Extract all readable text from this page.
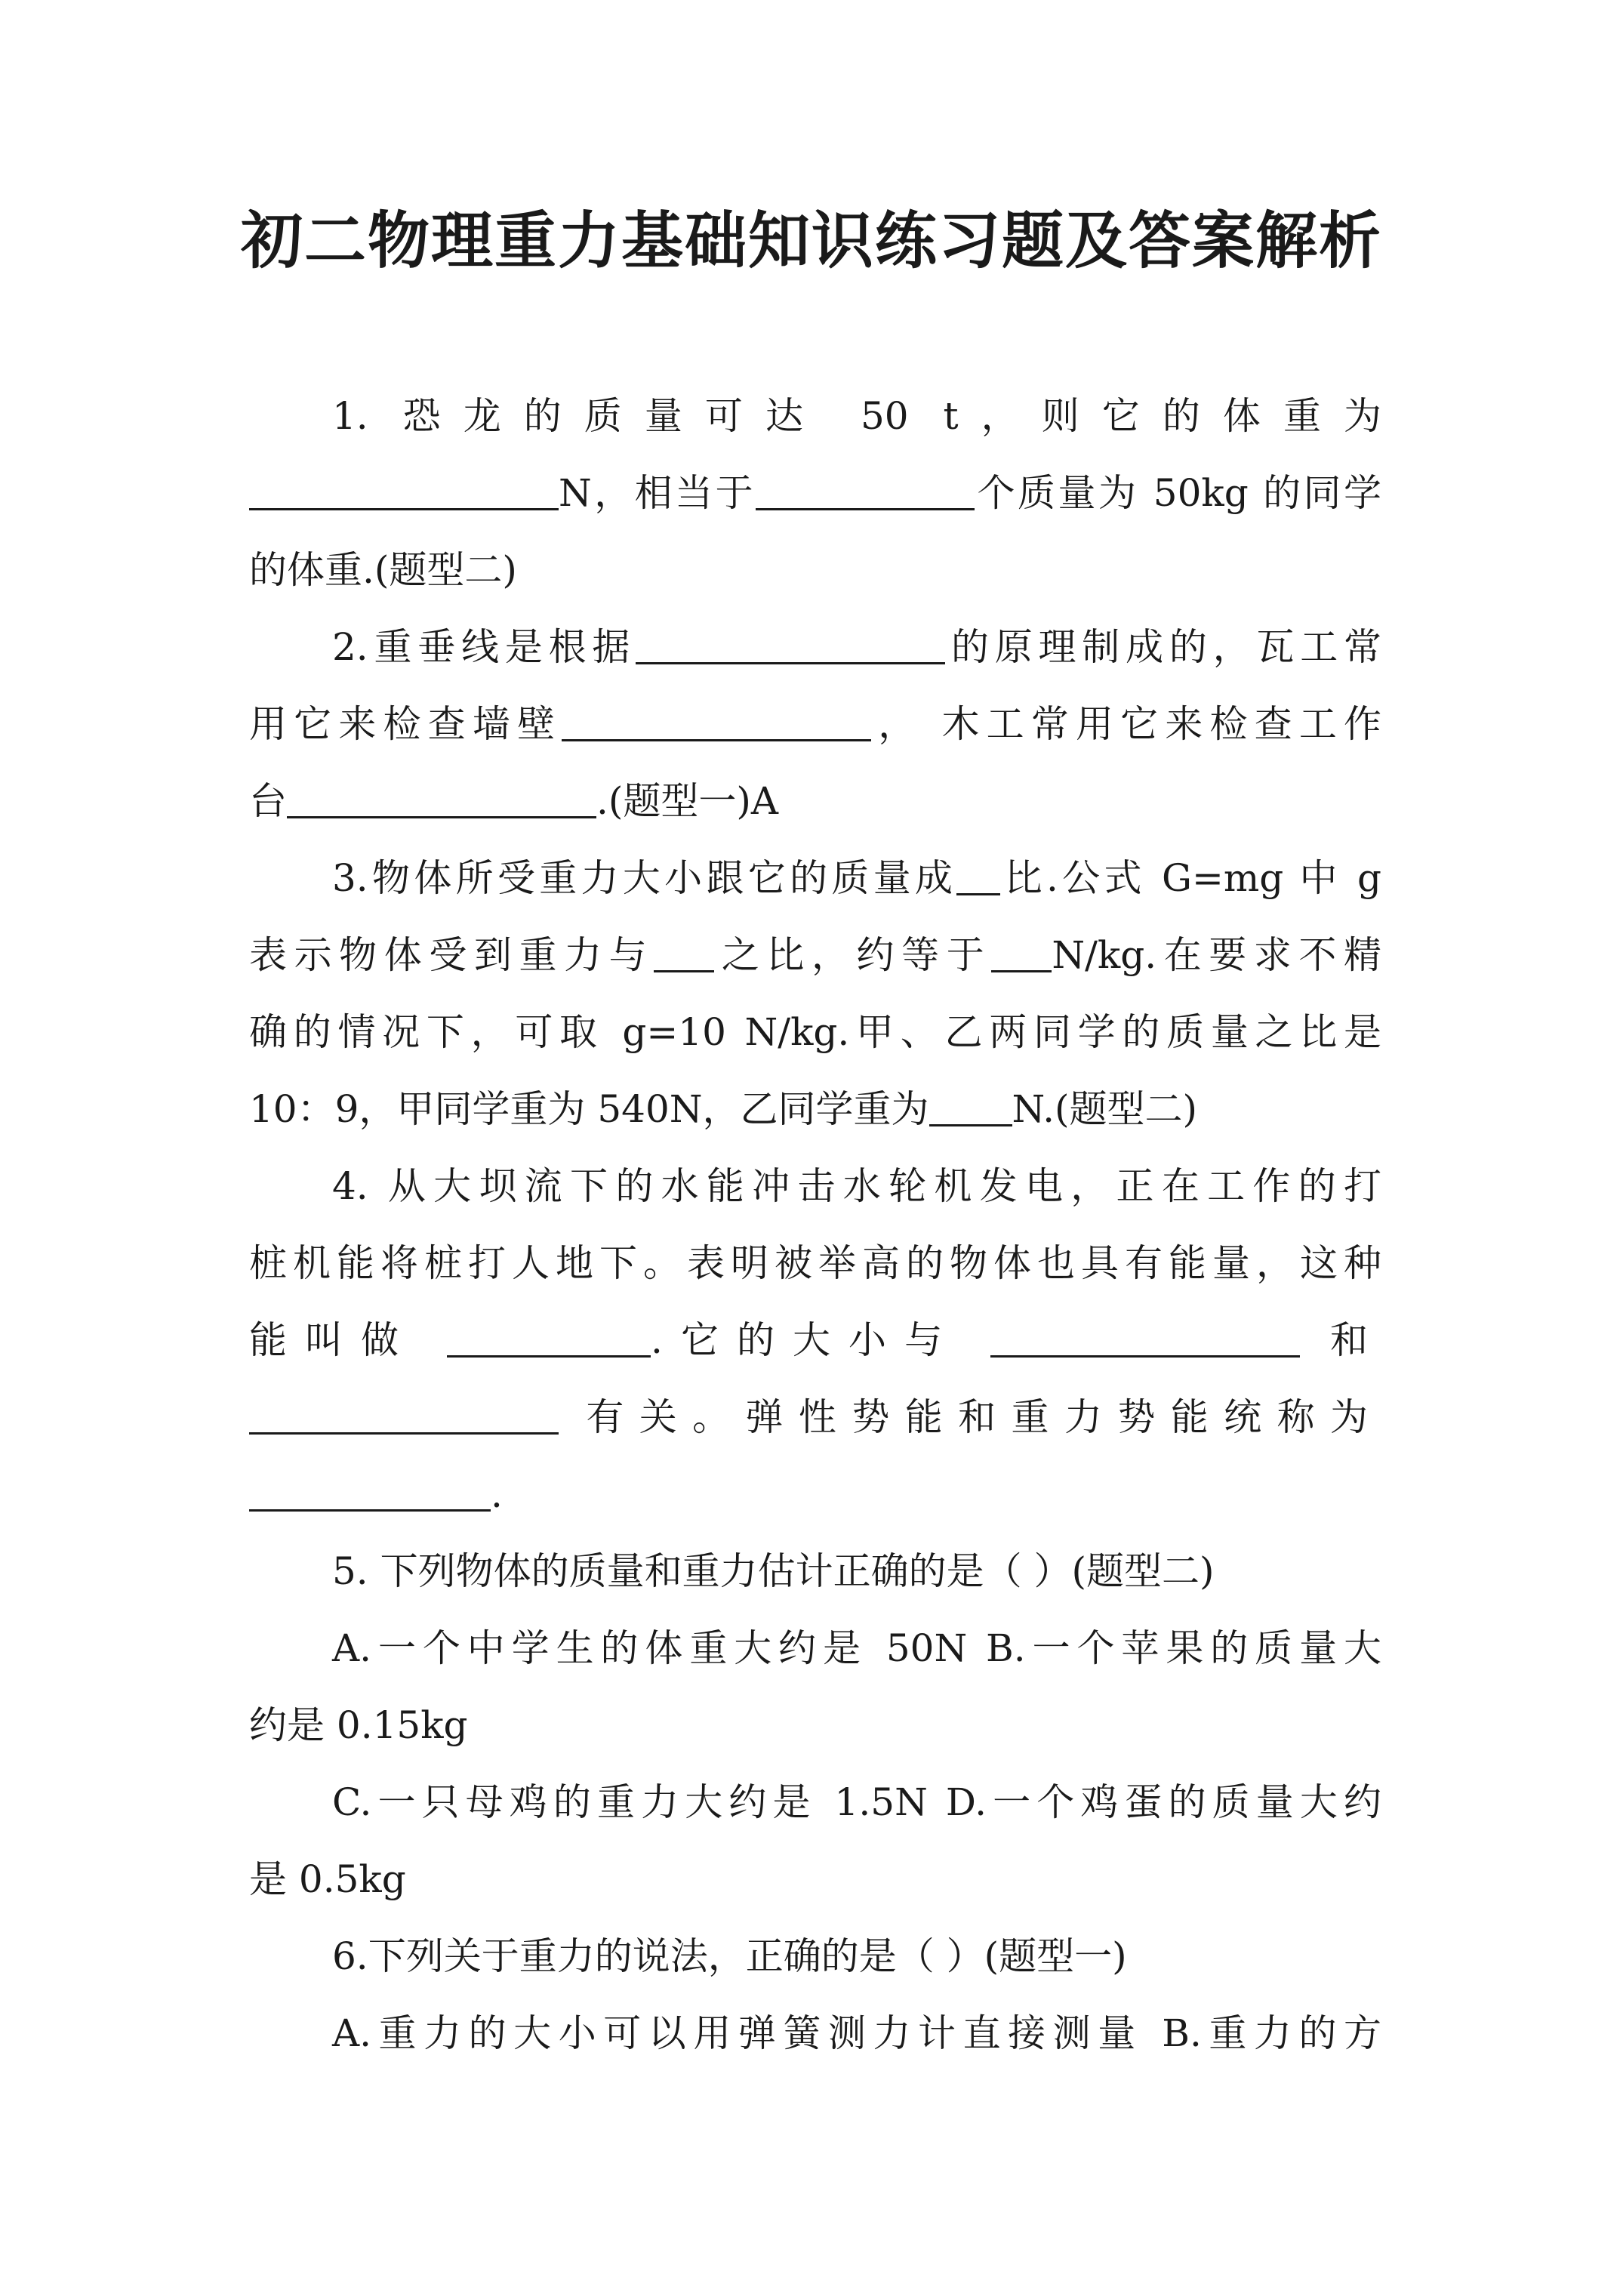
初二物理重力基础知识练习题及答案解析

1. 恐龙的质量可达 50 t，则它的体重为

N，相当于	个质量为 50kg 的同学

的体重.(题型二)

2.重垂线是根据	的原理制成的，瓦工常

用它来检查墙壁	， 木工常用它来检查工作

台	.(题型一)A

3.物体所受重力大小跟它的质量成 比.公式 G=mg 中 g

表示物体受到重力与 之比，约等于 N/kg.在要求不精

确的情况下，可取 g=10 N/kg.甲、乙两同学的质量之比是

10：9，甲同学重为 540N，乙同学重为 N.(题型二)

4. 从大坝流下的水能冲击水轮机发电，正在工作的打

桩机能将桩打人地下。表明被举高的物体也具有能量，这种

能叫做	.它的大小与	和

有关。弹性势能和重力势能统称为

.

5. 下列物体的质量和重力估计正确的是（ ）(题型二)

A.一个中学生的体重大约是 50N B.一个苹果的质量大

约是 0.15kg

C.一只母鸡的重力大约是 1.5N D.一个鸡蛋的质量大约

是 0.5kg

6.下列关于重力的说法，正确的是（ ）(题型一)

A.重力的大小可以用弹簧测力计直接测量 B.重力的方
